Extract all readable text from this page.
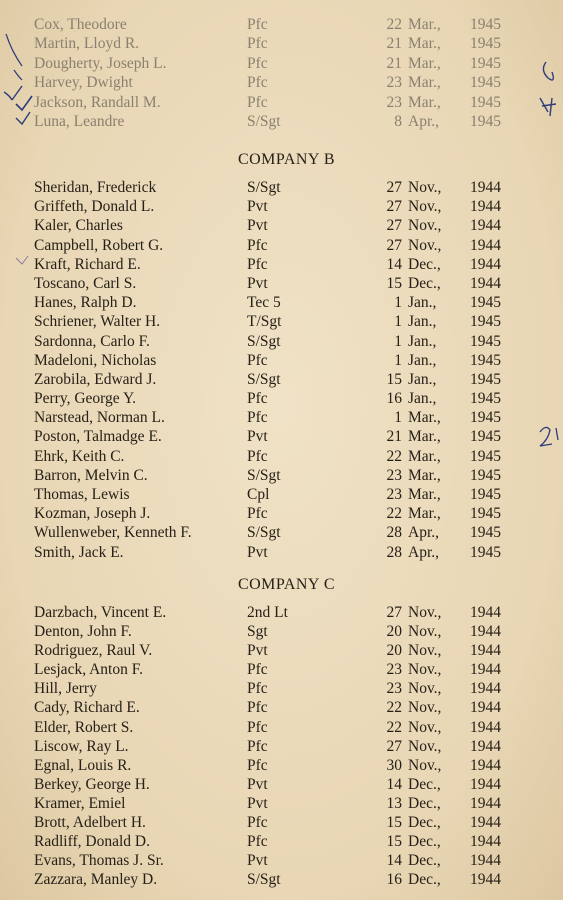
Cox, Theodore	Pfc	22 Mar., 1945
Martin, Lloyd R.	Pfc	21 Mar., 1945
Dougherty, Joseph L.	Pfc	21 Mar., 1945
Harvey, Dwight	Pfc	23 Mar., 1945
Jackson, Randall M.	Pfc	23 Mar., 1945
Luna, Leandre	S/Sgt	8 Apr., 1945
COMPANY B
Sheridan, Frederick	S/Sgt	27 Nov., 1944
Griffeth, Donald L.	Pvt	27 Nov., 1944
Kaler, Charles	Pvt	27 Nov., 1944
Campbell, Robert G.	Pfc	27 Nov., 1944
Kraft, Richard E.	Pfc	14 Dec., 1944
Toscano, Carl S.	Pvt	15 Dec., 1944
Hanes, Ralph D.	Tec 5	1 Jan., 1945
Schriener, Walter H.	T/Sgt	1 Jan., 1945
Sardonna, Carlo F.	S/Sgt	1 Jan., 1945
Madeloni, Nicholas	Pfc	1 Jan., 1945
Zarobila, Edward J.	S/Sgt	15 Jan., 1945
Perry, George Y.	Pfc	16 Jan., 1945
Narstead, Norman L.	Pfc	1 Mar., 1945
Poston, Talmadge E.	Pvt	21 Mar., 1945
Ehrk, Keith C.	Pfc	22 Mar., 1945
Barron, Melvin C.	S/Sgt	23 Mar., 1945
Thomas, Lewis	Cpl	23 Mar., 1945
Kozman, Joseph J.	Pfc	22 Mar., 1945
Wullenweber, Kenneth F.	S/Sgt	28 Apr., 1945
Smith, Jack E.	Pvt	28 Apr., 1945
COMPANY C
Darzbach, Vincent E.	2nd Lt	27 Nov., 1944
Denton, John F.	Sgt	20 Nov., 1944
Rodriguez, Raul V.	Pvt	20 Nov., 1944
Lesjack, Anton F.	Pfc	23 Nov., 1944
Hill, Jerry	Pfc	23 Nov., 1944
Cady, Richard E.	Pfc	22 Nov., 1944
Elder, Robert S.	Pfc	22 Nov., 1944
Liscow, Ray L.	Pfc	27 Nov., 1944
Egnal, Louis R.	Pfc	30 Nov., 1944
Berkey, George H.	Pvt	14 Dec., 1944
Kramer, Emiel	Pvt	13 Dec., 1944
Brott, Adelbert H.	Pfc	15 Dec., 1944
Radliff, Donald D.	Pfc	15 Dec., 1944
Evans, Thomas J. Sr.	Pvt	14 Dec., 1944
Zazzara, Manley D.	S/Sgt	16 Dec., 1944
